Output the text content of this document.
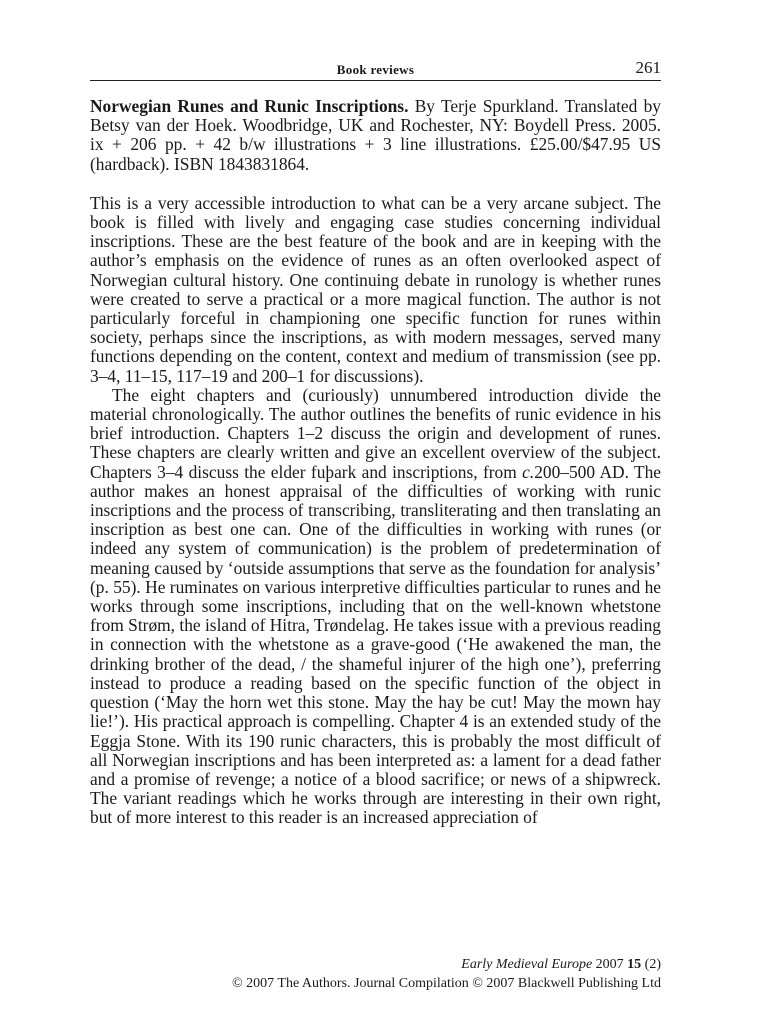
Book reviews	261
Norwegian Runes and Runic Inscriptions. By Terje Spurkland. Translated by Betsy van der Hoek. Woodbridge, UK and Rochester, NY: Boydell Press. 2005. ix + 206 pp. + 42 b/w illustrations + 3 line illustrations. £25.00/$47.95 US (hardback). ISBN 1843831864.

This is a very accessible introduction to what can be a very arcane subject. The book is filled with lively and engaging case studies concerning individual inscriptions. These are the best feature of the book and are in keeping with the author’s emphasis on the evidence of runes as an often overlooked aspect of Norwegian cultural history. One continuing debate in runology is whether runes were created to serve a practical or a more magical function. The author is not particularly forceful in championing one specific function for runes within society, perhaps since the inscriptions, as with modern messages, served many functions depending on the content, context and medium of transmission (see pp. 3–4, 11–15, 117–19 and 200–1 for discussions).

The eight chapters and (curiously) unnumbered introduction divide the material chronologically. The author outlines the benefits of runic evidence in his brief introduction. Chapters 1–2 discuss the origin and development of runes. These chapters are clearly written and give an excellent overview of the subject. Chapters 3–4 discuss the elder fuþark and inscriptions, from c.200–500 AD. The author makes an honest appraisal of the difficulties of working with runic inscriptions and the process of transcribing, transliterating and then translating an inscription as best one can. One of the difficulties in working with runes (or indeed any system of communication) is the problem of predetermination of meaning caused by ‘outside assumptions that serve as the foundation for analysis’ (p. 55). He ruminates on various interpretive difficulties particular to runes and he works through some inscriptions, including that on the well-known whetstone from Strøm, the island of Hitra, Trøndelag. He takes issue with a previous reading in connection with the whetstone as a grave-good (‘He awakened the man, the drinking brother of the dead, / the shameful injurer of the high one’), preferring instead to produce a reading based on the specific function of the object in question (‘May the horn wet this stone. May the hay be cut! May the mown hay lie!’). His practical approach is compelling. Chapter 4 is an extended study of the Eggja Stone. With its 190 runic characters, this is probably the most difficult of all Norwegian inscriptions and has been interpreted as: a lament for a dead father and a promise of revenge; a notice of a blood sacrifice; or news of a shipwreck. The variant readings which he works through are interesting in their own right, but of more interest to this reader is an increased appreciation of

Early Medieval Europe 2007 15 (2)
© 2007 The Authors. Journal Compilation © 2007 Blackwell Publishing Ltd
